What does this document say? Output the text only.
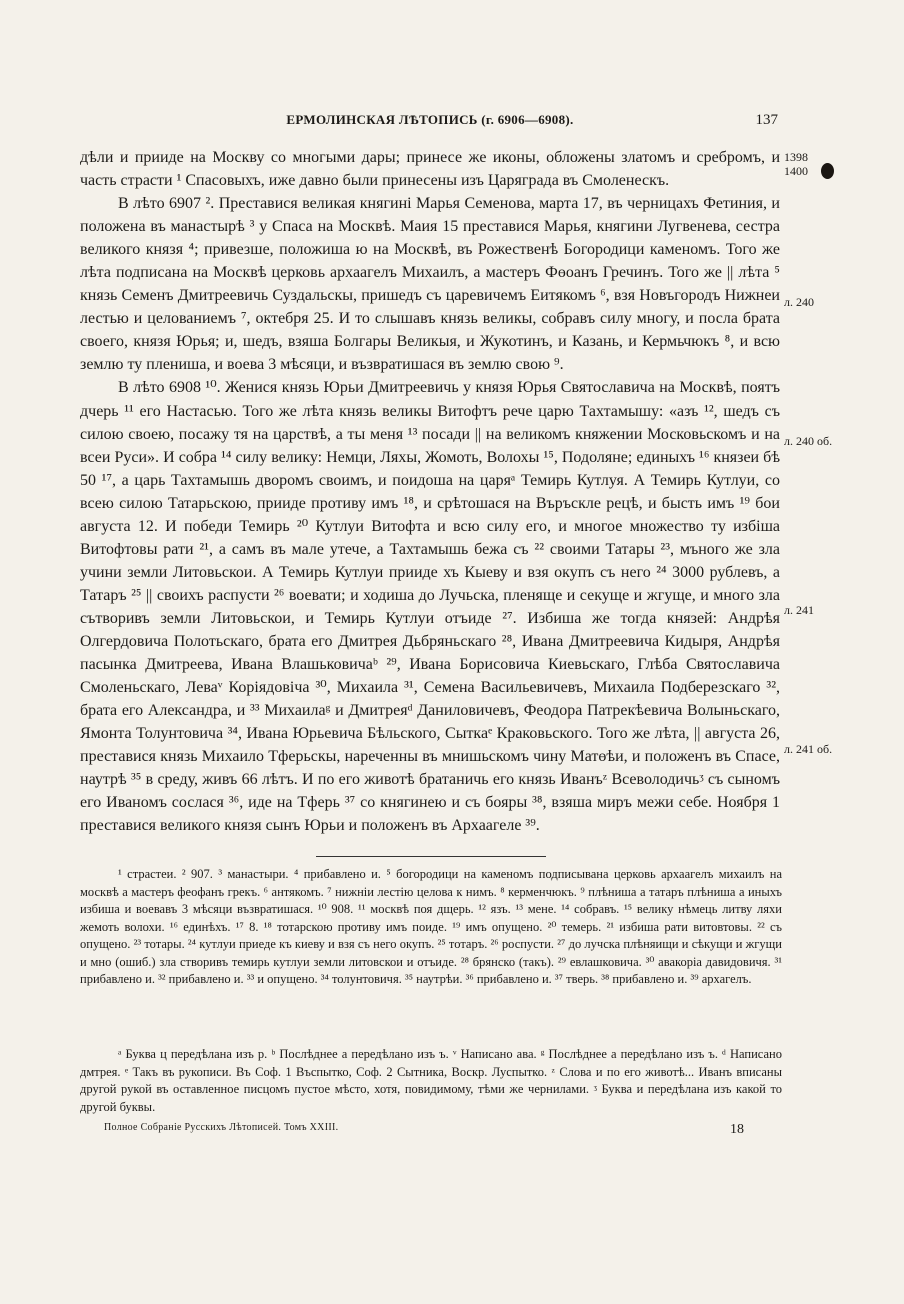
ЕРМОЛИНСКАЯ ЛѢТОПИСЬ (г. 6906—6908).	137

дѣли и прииде на Москву со многыми дары; принесе же иконы, обложены златомъ и сребромъ, и часть страсти ¹ Спасовыхъ, иже давно были принесены изъ Царяграда въ Смоленескъ.

В лѣто 6907 ². Преставися великая княгинi Марья Семенова, марта 17, въ черницахъ Фетиния, и положена въ манастырѣ ³ у Спаса на Москвѣ. Маия 15 преставися Марья, княгини Лугвенева, сестра великого князя ⁴; привезше, положиша ю на Москвѣ, въ Рожественѣ Богородици каменомъ. Того же лѣта подписана на Москвѣ церковь архаагелъ Михаилъ, а мастеръ Фөоанъ Гречинъ. Того же || лѣта ⁵ князь Семенъ Дмитреевичь Суздальскы, пришедъ съ царевичемъ Еитякомъ ⁶, взя Новъгородъ Нижнеи лестью и целованиемъ ⁷, октебря 25. И то слышавъ князь великы, собравъ силу многу, и посла брата своего, князя Юрья; и, шедъ, взяша Болгары Великыя, и Жукотинъ, и Казань, и Кермьчюкъ ⁸, и всю землю ту плениша, и воева 3 мѣсяци, и възвратишася въ землю свою ⁹.

В лѣто 6908 ¹⁰. Женися князь Юрьи Дмитреевичь у князя Юрья Святославича на Москвѣ, поятъ дчерь ¹¹ его Настасью. Того же лѣта князь великы Витофтъ рече царю Тахтамышу: «азъ ¹², шедъ съ силою своею, посажу тя на царствѣ, а ты меня ¹³ посади || на великомъ княжении Московьскомъ и на всеи Руси». И собра ¹⁴ силу велику: Немци, Ляхы, Жомоть, Волохы ¹⁵, Подоляне; единыхъ ¹⁶ князеи бѣ 50 ¹⁷, а царь Тахтамышь дворомъ своимъ, и поидоша на царяᵃ Темирь Кутлуя. А Темирь Кутлуи, со всею силою Татарьскою, прииде противу имъ ¹⁸, и срѣтошася на Въръскле рецѣ, и бысть имъ ¹⁹ бои августа 12. И победи Темирь ²⁰ Кутлуи Витофта и всю силу его, и многое множество ту избiша Витофтовы рати ²¹, а самъ въ мале утече, а Тахтамышь бежа съ ²² своими Татары ²³, мъного же зла учини земли Литовьскои. А Темирь Кутлуи прииде хъ Кыеву и взя окупъ съ него ²⁴ 3000 рублевъ, а Татаръ ²⁵ || своихъ распусти ²⁶ воевати; и ходиша до Лучьска, пленяще и секуще и жгуще, и много зла сътворивъ земли Литовьскои, и Темирь Кутлуи отъиде ²⁷. Избиша же тогда князей: Андрѣя Олгердовича Полотьскаго, брата его Дмитрея Дьбряньскаго ²⁸, Ивана Дмитреевича Кидыря, Андрѣя пасынка Дмитреева, Ивана Влашьковичаᵇ ²⁹, Ивана Борисовича Киевьскаго, Глѣба Святославича Смоленьскаго, Леваᵛ Корiядовiча ³⁰, Михаила ³¹, Семена Васильевичевъ, Михаила Подберезскаго ³², брата его Александра, и ³³ Михаилаᵍ и Дмитреяᵈ Даниловичевъ, Феодора Патрекѣевича Волыньскаго, Ямонта Толунтовича ³⁴, Ивана Юрьевича Бѣльского, Сыткаᵉ Краковьского. Того же лѣта, || августа 26, преставися князь Михаило Тферьскы, нареченны въ мнишьскомъ чину Матөѣи, и положенъ въ Спасе, наутрѣ ³⁵ в среду, живъ 66 лѣтъ. И по его животѣ братаничь его князь Иванъᶻ Всеволодичьᶾ съ сыномъ его Иваномъ сослася ³⁶, иде на Тферь ³⁷ со княгинею и съ бояры ³⁸, взяша миръ межи себе. Ноября 1 преставися великого князя сынъ Юрьи и положенъ въ Архаагеле ³⁹.

1398
1400
л. 240
л. 240 об.
л. 241
л. 241 об.

¹ страстеи. ² 907. ³ манастыри. ⁴ прибавлено и. ⁵ богородици на каменомъ подписывана церковь архаагелъ михаилъ на москвѣ а мастеръ феофанъ грекъ. ⁶ антякомъ. ⁷ нижнiи лестiю целова к нимъ. ⁸ керменчюкъ. ⁹ плѣниша а татаръ плѣниша а иныхъ избиша и воевавъ 3 мѣсяци възвратишася. ¹⁰ 908. ¹¹ москвѣ поя дщерь. ¹² язъ. ¹³ мене. ¹⁴ собравъ. ¹⁵ велику нѣмець литву ляхи жемоть волохи. ¹⁶ единѣхъ. ¹⁷ 8. ¹⁸ тотарскою противу имъ поиде. ¹⁹ имъ опущено. ²⁰ темерь. ²¹ избиша рати витовтовы. ²² съ опущено. ²³ тотары. ²⁴ кутлуи приеде къ киеву и взя съ него окупъ. ²⁵ тотаръ. ²⁶ роспусти. ²⁷ до лучска плѣняищи и сѣкущи и жгущи и мно (ошиб.) зла створивъ темирь кутлуи земли литовскои и отъиде. ²⁸ брянско (такъ). ²⁹ евлашковича. ³⁰ авакорiа давидовичя. ³¹ прибавлено и. ³² прибавлено и. ³³ и опущено. ³⁴ толунтовичя. ³⁵ наутрѣи. ³⁶ прибавлено и. ³⁷ тверь. ³⁸ прибавлено и. ³⁹ архагелъ.

ᵃ Буква ц передѣлана изъ р. ᵇ Послѣднее а передѣлано изъ ъ. ᵛ Написано ава. ᵍ Послѣднее а передѣлано изъ ъ. ᵈ Написано дмтрея. ᵉ Такъ въ рукописи. Въ Соф. 1 Въспытко, Соф. 2 Сытника, Воскр. Луспытко. ᶻ Слова и по его животѣ... Иванъ вписаны другой рукой въ оставленное писцомъ пустое мѣсто, хотя, повидимому, тѣми же чернилами. ᶾ Буква и передѣлана изъ какой то другой буквы.

Полное Собранiе Русскихъ Лѣтописей. Томъ XXIII.	18
